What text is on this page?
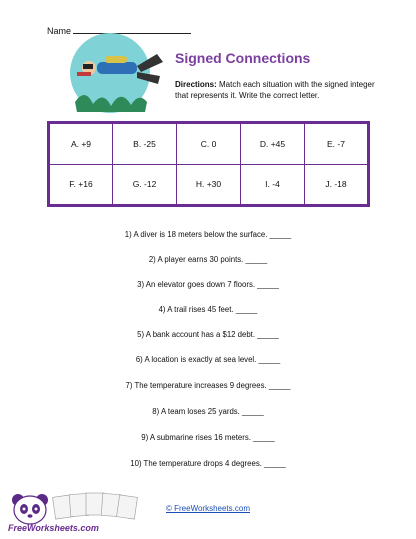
Name
Signed Connections
Directions: Match each situation with the signed integer that represents it. Write the correct letter.
A. +9	B. -25	C. 0	D. +45	E. -7
F. +16	G. -12	H. +30	I. -4	J. -18
1) A diver is 18 meters below the surface. _____
2) A player earns 30 points. _____
3) An elevator goes down 7 floors. _____
4) A trail rises 45 feet. _____
5) A bank account has a $12 debt. _____
6) A location is exactly at sea level. _____
7) The temperature increases 9 degrees. _____
8) A team loses 25 yards. _____
9) A submarine rises 16 meters. _____
10) The temperature drops 4 degrees. _____
FreeWorksheets.com
© FreeWorksheets.com
